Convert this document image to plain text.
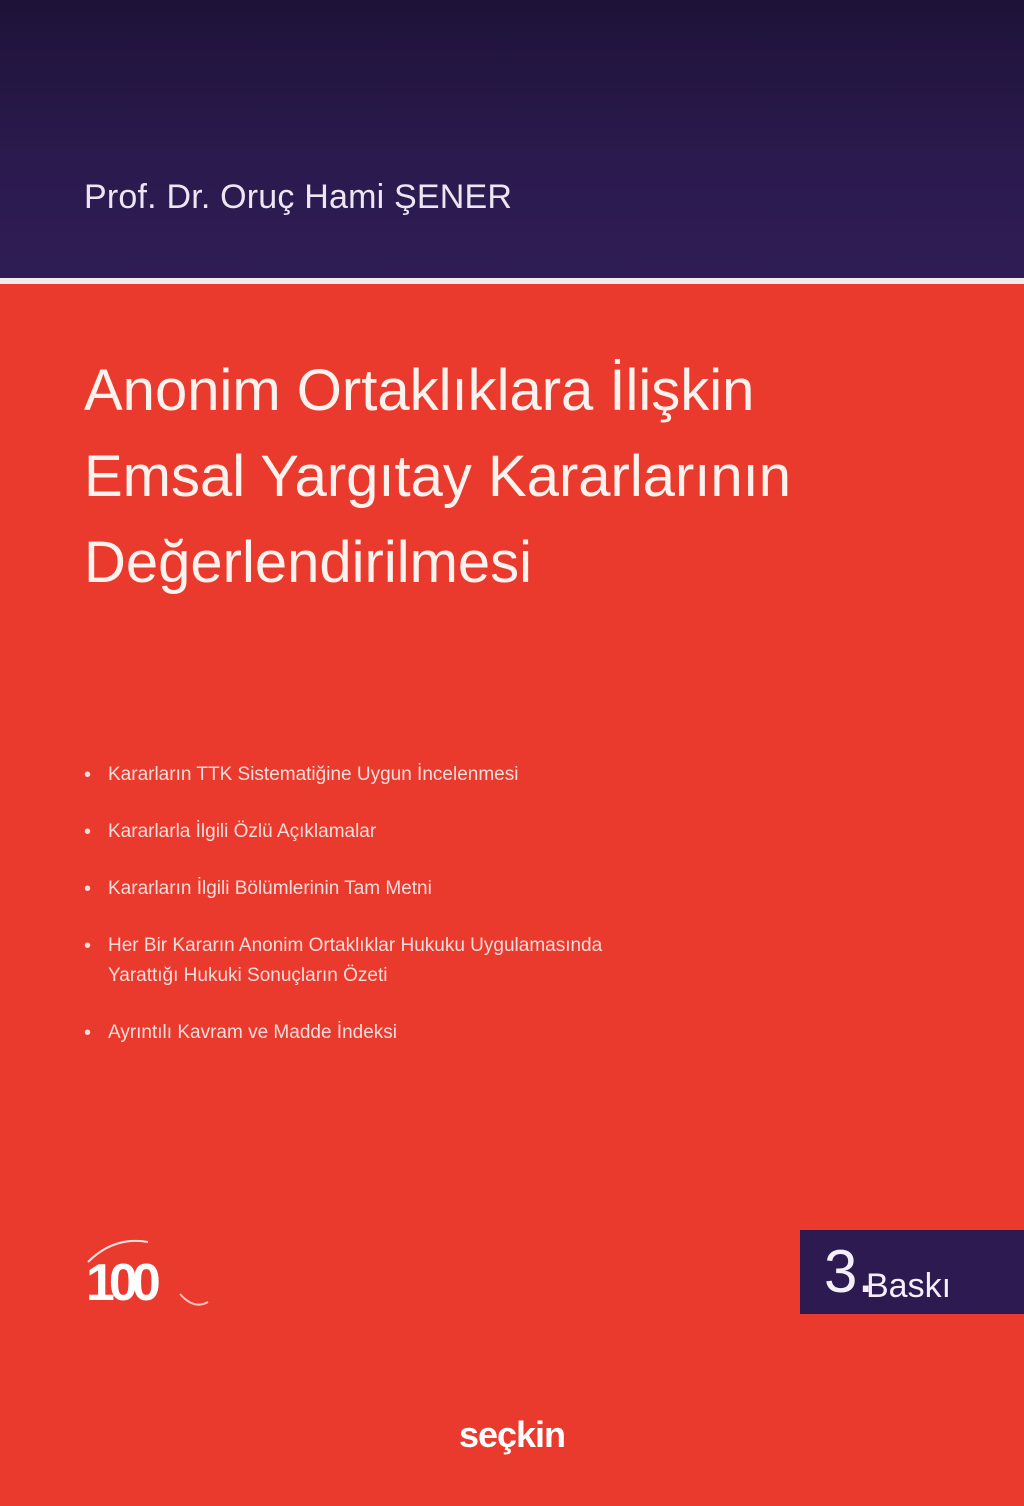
Prof. Dr. Oruç Hami ŞENER
Anonim Ortaklıklara İlişkin
Emsal Yargıtay Kararlarının
Değerlendirilmesi
• Kararların TTK Sistematiğine Uygun İncelenmesi
• Kararlarla İlgili Özlü Açıklamalar
• Kararların İlgili Bölümlerinin Tam Metni
• Her Bir Kararın Anonim Ortaklıklar Hukuku Uygulamasında
Yarattığı Hukuki Sonuçların Özeti
• Ayrıntılı Kavram ve Madde İndeksi
100	3.
Baskı
seçkin
